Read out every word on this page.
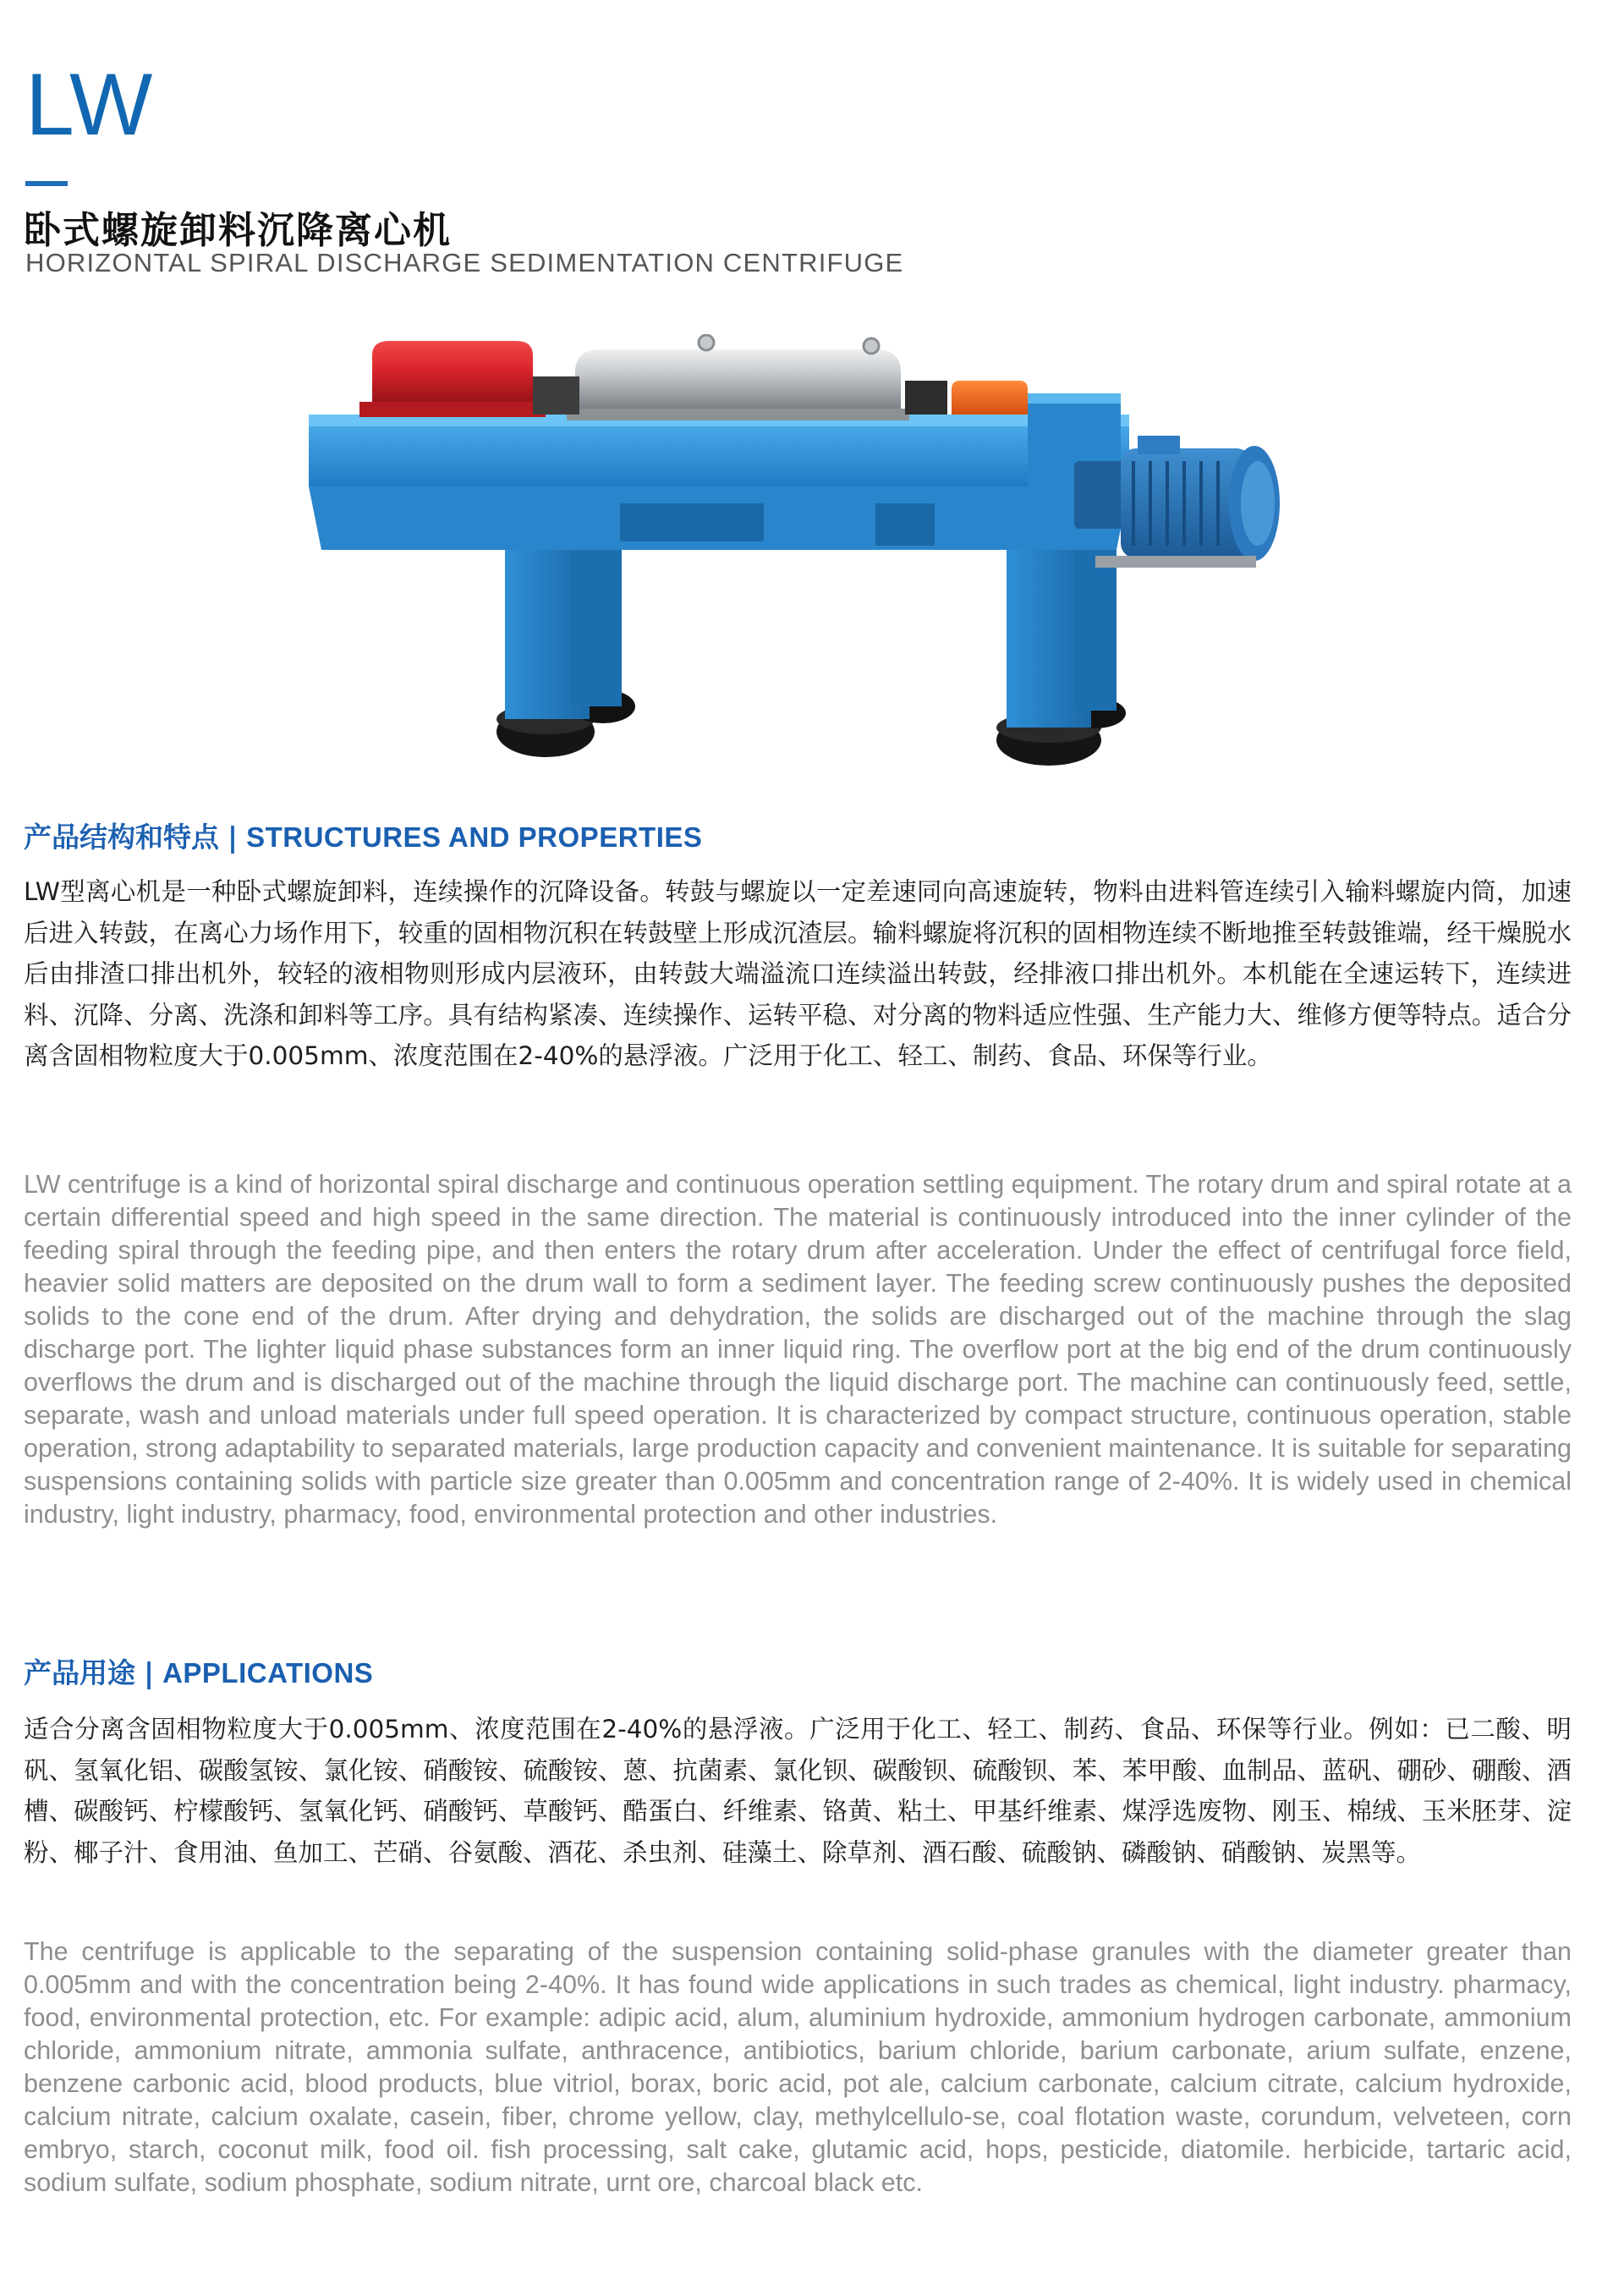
LW
卧式螺旋卸料沉降离心机
HORIZONTAL SPIRAL DISCHARGE SEDIMENTATION CENTRIFUGE
产品结构和特点 | STRUCTURES AND PROPERTIES

LW型离心机是一种卧式螺旋卸料，连续操作的沉降设备。转鼓与螺旋以一定差速同向高速旋转，物料由进料管连续引入输料螺旋内筒，加速后进入转鼓，在离心力场作用下，较重的固相物沉积在转鼓壁上形成沉渣层。输料螺旋将沉积的固相物连续不断地推至转鼓锥端，经干燥脱水后由排渣口排出机外，较轻的液相物则形成内层液环，由转鼓大端溢流口连续溢出转鼓，经排液口排出机外。本机能在全速运转下，连续进料、沉降、分离、洗涤和卸料等工序。具有结构紧凑、连续操作、运转平稳、对分离的物料适应性强、生产能力大、维修方便等特点。适合分离含固相物粒度大于0.005mm、浓度范围在2-40%的悬浮液。广泛用于化工、轻工、制药、食品、环保等行业。

LW centrifuge is a kind of horizontal spiral discharge and continuous operation settling equipment. The rotary drum and spiral rotate at a certain differential speed and high speed in the same direction. The material is continuously introduced into the inner cylinder of the feeding spiral through the feeding pipe, and then enters the rotary drum after acceleration. Under the effect of centrifugal force field, heavier solid matters are deposited on the drum wall to form a sediment layer. The feeding screw continuously pushes the deposited solids to the cone end of the drum. After drying and dehydration, the solids are discharged out of the machine through the slag discharge port. The lighter liquid phase substances form an inner liquid ring. The overflow port at the big end of the drum continuously overflows the drum and is discharged out of the machine through the liquid discharge port. The machine can continuously feed, settle, separate, wash and unload materials under full speed operation. It is characterized by compact structure, continuous operation, stable operation, strong adaptability to separated materials, large production capacity and convenient maintenance. It is suitable for separating suspensions containing solids with particle size greater than 0.005mm and concentration range of 2-40%. It is widely used in chemical industry, light industry, pharmacy, food, environmental protection and other industries.

产品用途 | APPLICATIONS

适合分离含固相物粒度大于0.005mm、浓度范围在2-40%的悬浮液。广泛用于化工、轻工、制药、食品、环保等行业。例如：已二酸、明矾、氢氧化铝、碳酸氢铵、氯化铵、硝酸铵、硫酸铵、蒽、抗菌素、氯化钡、碳酸钡、硫酸钡、苯、苯甲酸、血制品、蓝矾、硼砂、硼酸、酒槽、碳酸钙、柠檬酸钙、氢氧化钙、硝酸钙、草酸钙、酷蛋白、纤维素、铬黄、粘土、甲基纤维素、煤浮选废物、刚玉、棉绒、玉米胚芽、淀粉、椰子汁、食用油、鱼加工、芒硝、谷氨酸、酒花、杀虫剂、硅藻土、除草剂、酒石酸、硫酸钠、磷酸钠、硝酸钠、炭黑等。

The centrifuge is applicable to the separating of the suspension containing solid-phase granules with the diameter greater than 0.005mm and with the concentration being 2-40%. It has found wide applications in such trades as chemical, light industry. pharmacy, food, environmental protection, etc. For example: adipic acid, alum, aluminium hydroxide, ammonium hydrogen carbonate, ammonium chloride, ammonium nitrate, ammonia sulfate, anthracence, antibiotics, barium chloride, barium carbonate, arium sulfate, enzene, benzene carbonic acid, blood products, blue vitriol, borax, boric acid, pot ale, calcium carbonate, calcium citrate, calcium hydroxide, calcium nitrate, calcium oxalate, casein, fiber, chrome yellow, clay, methylcellulo-se, coal flotation waste, corundum, velveteen, corn embryo, starch, coconut milk, food oil. fish processing, salt cake, glutamic acid, hops, pesticide, diatomile. herbicide, tartaric acid, sodium sulfate, sodium phosphate, sodium nitrate, urnt ore, charcoal black etc.
